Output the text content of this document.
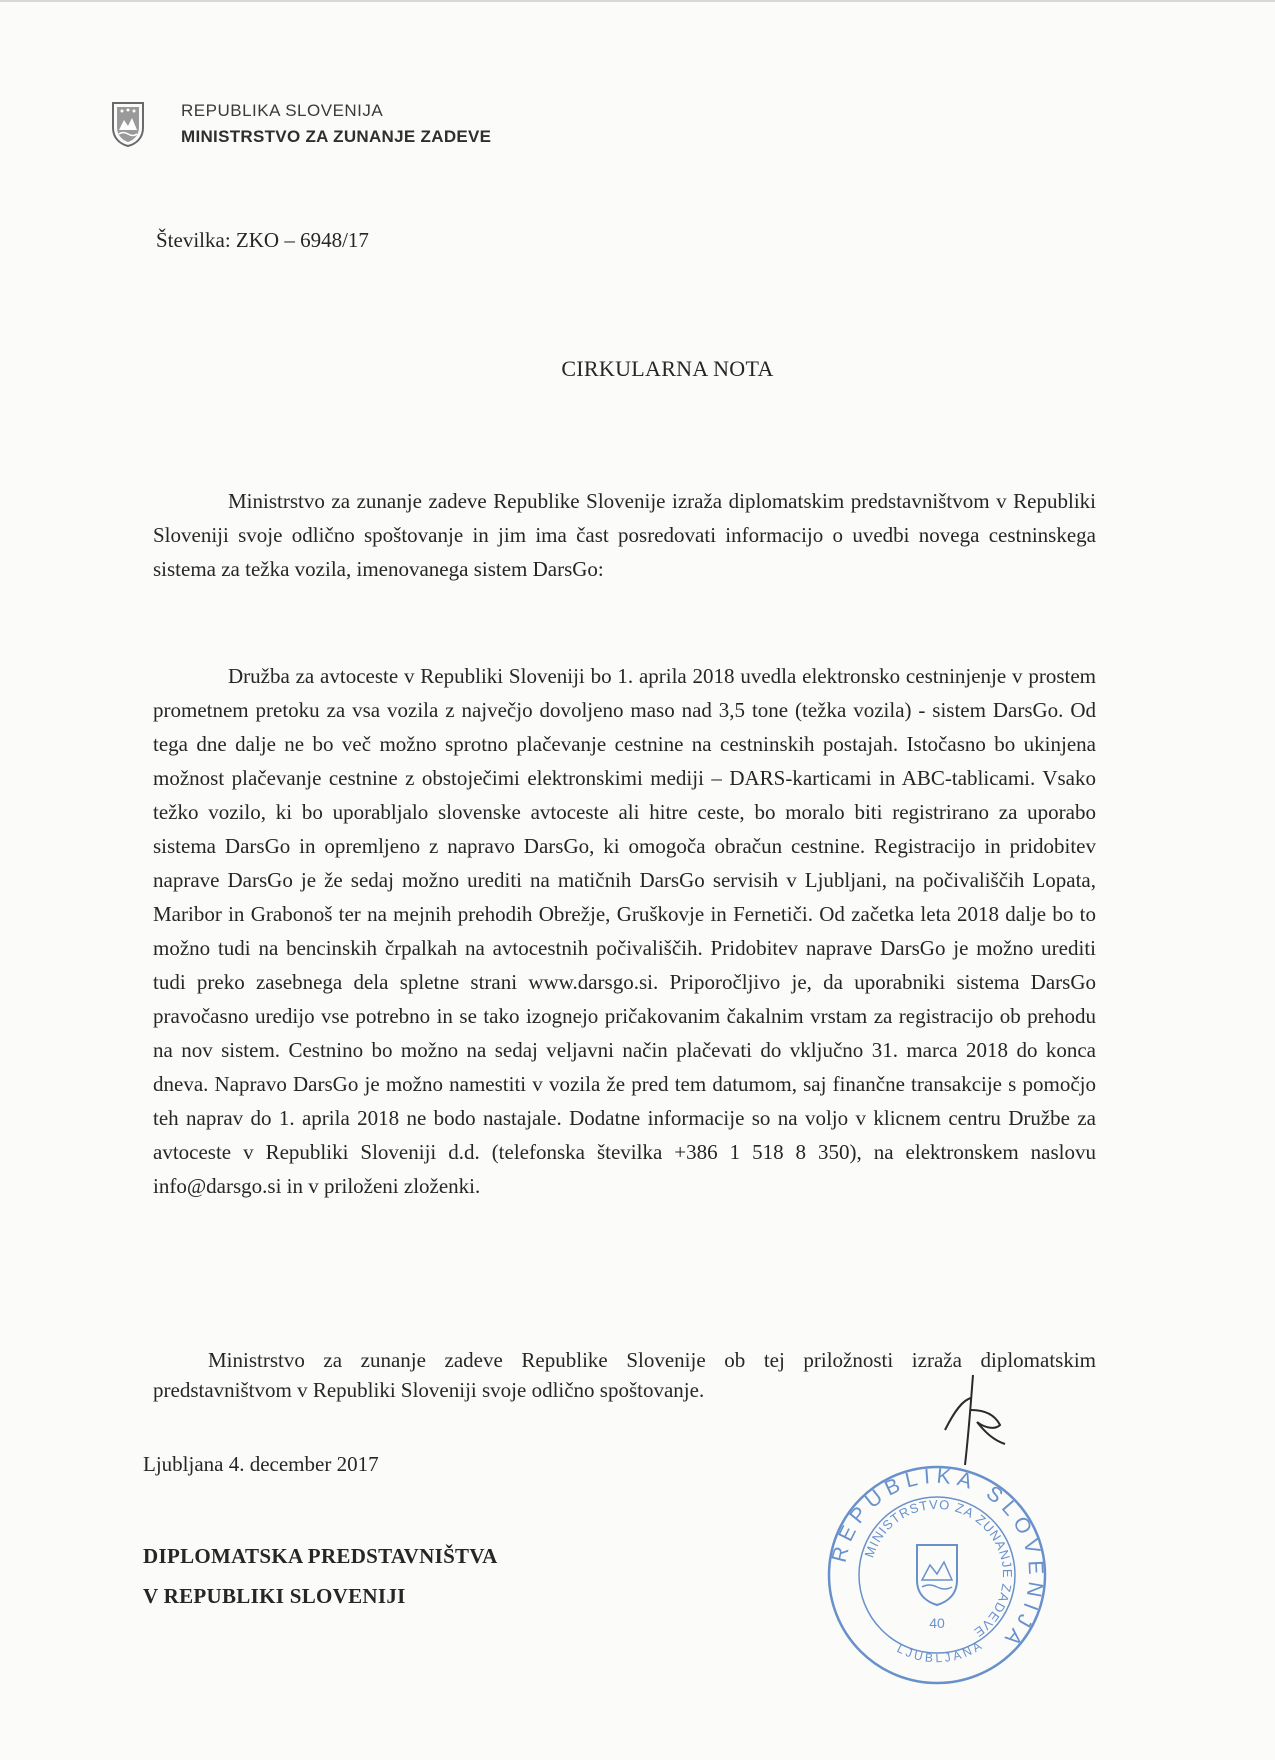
REPUBLIKA SLOVENIJA
MINISTRSTVO ZA ZUNANJE ZADEVE
Številka: ZKO – 6948/17
CIRKULARNA NOTA

Ministrstvo za zunanje zadeve Republike Slovenije izraža diplomatskim predstavništvom v Republiki Sloveniji svoje odlično spoštovanje in jim ima čast posredovati informacijo o uvedbi novega cestninskega sistema za težka vozila, imenovanega sistem DarsGo:

Družba za avtoceste v Republiki Sloveniji bo 1. aprila 2018 uvedla elektronsko cestninjenje v prostem prometnem pretoku za vsa vozila z največjo dovoljeno maso nad 3,5 tone (težka vozila) - sistem DarsGo. Od tega dne dalje ne bo več možno sprotno plačevanje cestnine na cestninskih postajah. Istočasno bo ukinjena možnost plačevanje cestnine z obstoječimi elektronskimi mediji – DARS-karticami in ABC-tablicami. Vsako težko vozilo, ki bo uporabljalo slovenske avtoceste ali hitre ceste, bo moralo biti registrirano za uporabo sistema DarsGo in opremljeno z napravo DarsGo, ki omogoča obračun cestnine. Registracijo in pridobitev naprave DarsGo je že sedaj možno urediti na matičnih DarsGo servisih v Ljubljani, na počivališčih Lopata, Maribor in Grabonoš ter na mejnih prehodih Obrežje, Gruškovje in Fernetiči. Od začetka leta 2018 dalje bo to možno tudi na bencinskih črpalkah na avtocestnih počivališčih. Pridobitev naprave DarsGo je možno urediti tudi preko zasebnega dela spletne strani www.darsgo.si. Priporočljivo je, da uporabniki sistema DarsGo pravočasno uredijo vse potrebno in se tako izognejo pričakovanim čakalnim vrstam za registracijo ob prehodu na nov sistem. Cestnino bo možno na sedaj veljavni način plačevati do vključno 31. marca 2018 do konca dneva. Napravo DarsGo je možno namestiti v vozila že pred tem datumom, saj finančne transakcije s pomočjo teh naprav do 1. aprila 2018 ne bodo nastajale. Dodatne informacije so na voljo v klicnem centru Družbe za avtoceste v Republiki Sloveniji d.d. (telefonska številka +386 1 518 8 350), na elektronskem naslovu info@darsgo.si in v priloženi zloženki.

Ministrstvo za zunanje zadeve Republike Slovenije ob tej priložnosti izraža diplomatskim predstavništvom v Republiki Sloveniji svoje odlično spoštovanje.

Ljubljana 4. december 2017
DIPLOMATSKA PREDSTAVNIŠTVA
V REPUBLIKI SLOVENIJI
REPUBLIKA SLOVENIJA
MINISTRSTVO ZA ZUNANJE ZADEVE
40
LJUBLJANA
